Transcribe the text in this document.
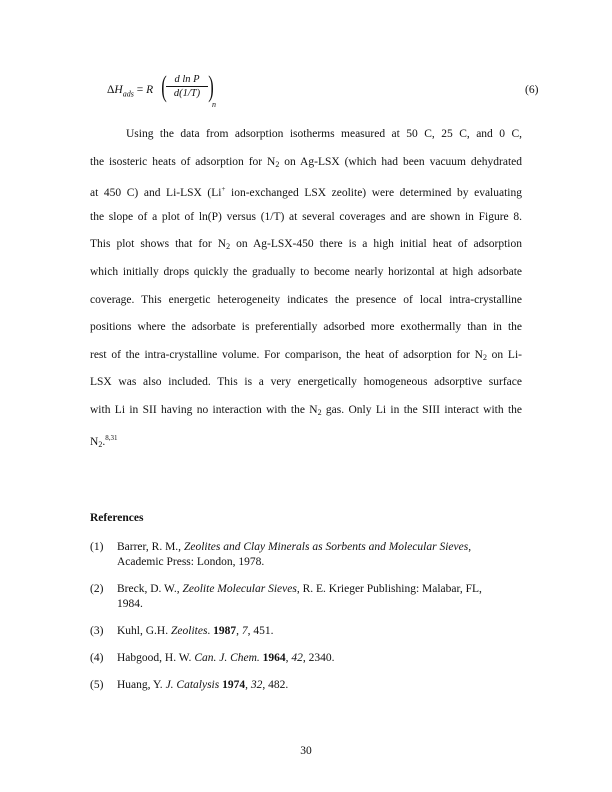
$\Delta H_{ads} = R$ ( d ln P
d(1/T) )
n
(6)
Using the data from adsorption isotherms measured at 50 C, 25 C, and 0 C,
the isosteric heats of adsorption for $N_2$ on Ag-LSX (which had been vacuum dehydrated
at 450 C) and Li-LSX (Li+ ion-exchanged LSX zeolite) were determined by evaluating
the slope of a plot of ln(P) versus (1/T) at several coverages and are shown in Figure 8.
This plot shows that for $N_2$ on Ag-LSX-450 there is a high initial heat of adsorption
which initially drops quickly the gradually to become nearly horizontal at high adsorbate
coverage. This energetic heterogeneity indicates the presence of local intra-crystalline
positions where the adsorbate is preferentially adsorbed more exothermally than in the
rest of the intra-crystalline volume. For comparison, the heat of adsorption for $N_2$ on Li-
LSX was also included. This is a very energetically homogeneous adsorptive surface
with Li in SII having no interaction with the $N_2$ gas. Only Li in the SIII interact with the
$N_2.^{8,31}$
References
(1) Barrer, R. M., Zeolites and Clay Minerals as Sorbents and Molecular Sieves, Academic Press: London, 1978.
(2) Breck, D. W., Zeolite Molecular Sieves, R. E. Krieger Publishing: Malabar, FL, 1984.
(3) Kuhl, G.H. Zeolites. 1987, 7, 451.
(4) Habgood, H. W. Can. J. Chem. 1964, 42, 2340.
(5) Huang, Y. J. Catalysis 1974, 32, 482.
30
